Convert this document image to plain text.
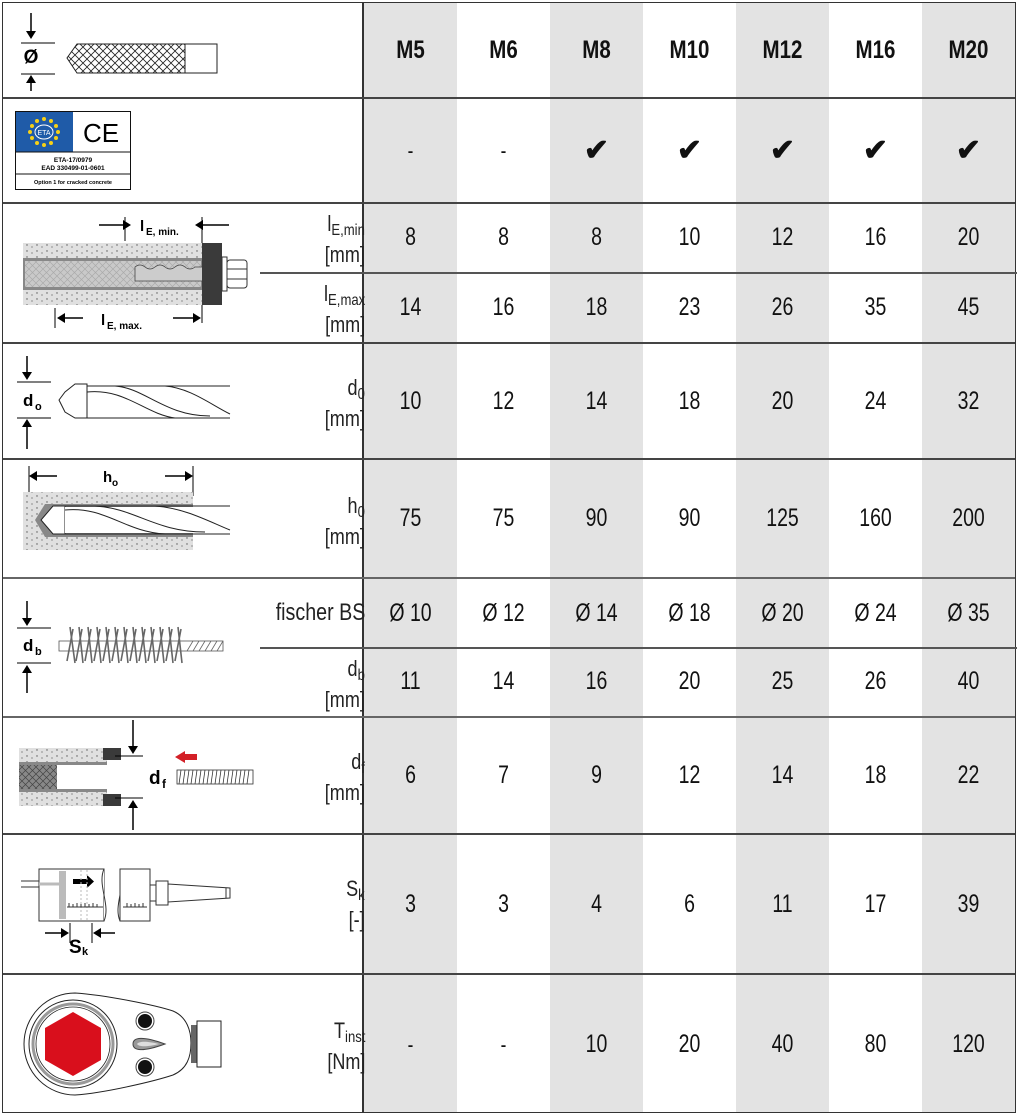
Ø	M5	M6	M8	M10	M12	M16	M20
ETA CE
ETA-17/0979
EAD 330499-01-0601
Option 1 for cracked concrete
-	-	✔	✔	✔	✔	✔
l E, min.
l E, max.
$l_{E,min}$
[mm]
8	8	8	10	12	16	20
$l_{E,max}$
[mm]
14	16	18	23	26	35	45
d o
$d_0$
[mm]
10	12	14	18	20	24	32
h o
$h_0$
[mm]
75	75	90	90	125	160	200
d b
fischer BS Ø 10	Ø 12	Ø 14	Ø 18	Ø 20	Ø 24	Ø 35
$d_b$
[mm]
11	14	16	20	25	26	40
d f
$d_f$
[mm]
6	7	9	12	14	18	22
S k
$S_k$
[-]
3	3	4	6	11	17	39
$T_{inst}$
[Nm]
-	-	10	20	40	80	120
